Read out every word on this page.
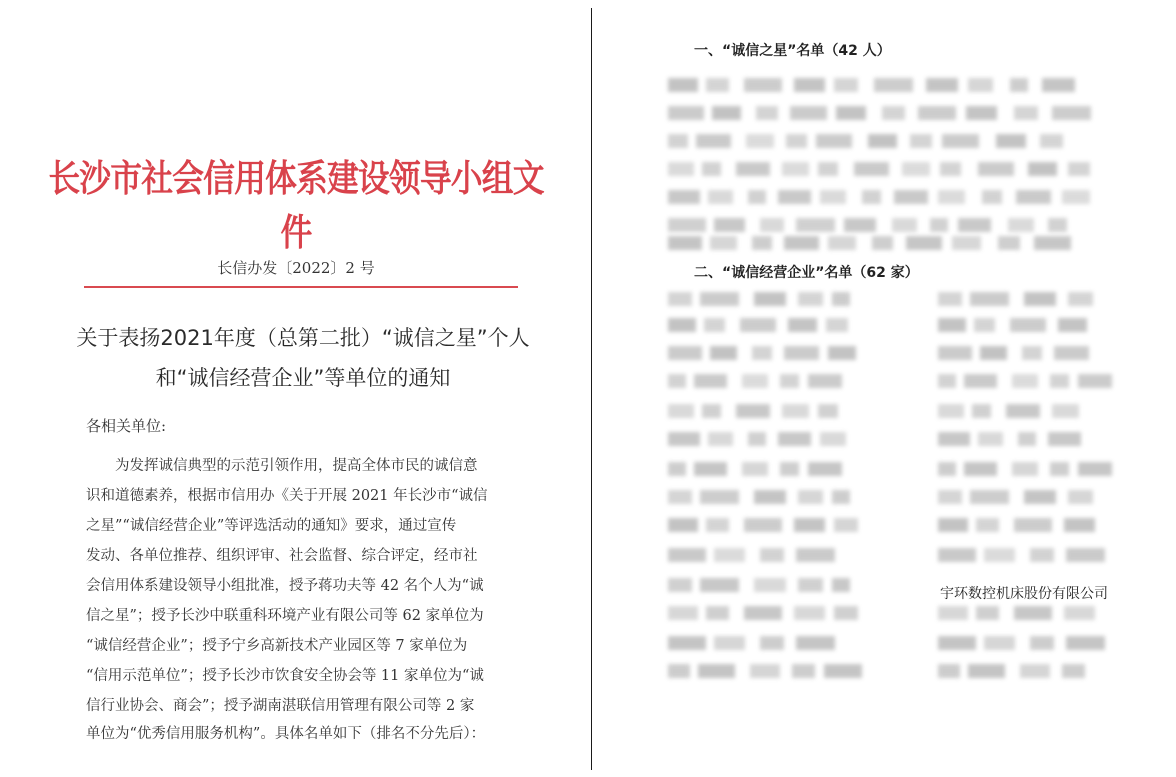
长沙市社会信用体系建设领导小组文件
长信办发〔2022〕2 号
关于表扬2021年度（总第二批）“诚信之星”个人
和“诚信经营企业”等单位的通知
各相关单位:
　　为发挥诚信典型的示范引领作用，提高全体市民的诚信意
识和道德素养，根据市信用办《关于开展 2021 年长沙市“诚信
之星”“诚信经营企业”等评选活动的通知》要求，通过宣传
发动、各单位推荐、组织评审、社会监督、综合评定，经市社
会信用体系建设领导小组批准，授予蒋功夫等 42 名个人为“诚
信之星”；授予长沙中联重科环境产业有限公司等 62 家单位为
“诚信经营企业”；授予宁乡高新技术产业园区等 7 家单位为
“信用示范单位”；授予长沙市饮食安全协会等 11 家单位为“诚
信行业协会、商会”；授予湖南湛联信用管理有限公司等 2 家
单位为“优秀信用服务机构”。具体名单如下（排名不分先后）：
一、“诚信之星”名单（42 人）
二、“诚信经营企业”名单（62 家）
宇环数控机床股份有限公司
